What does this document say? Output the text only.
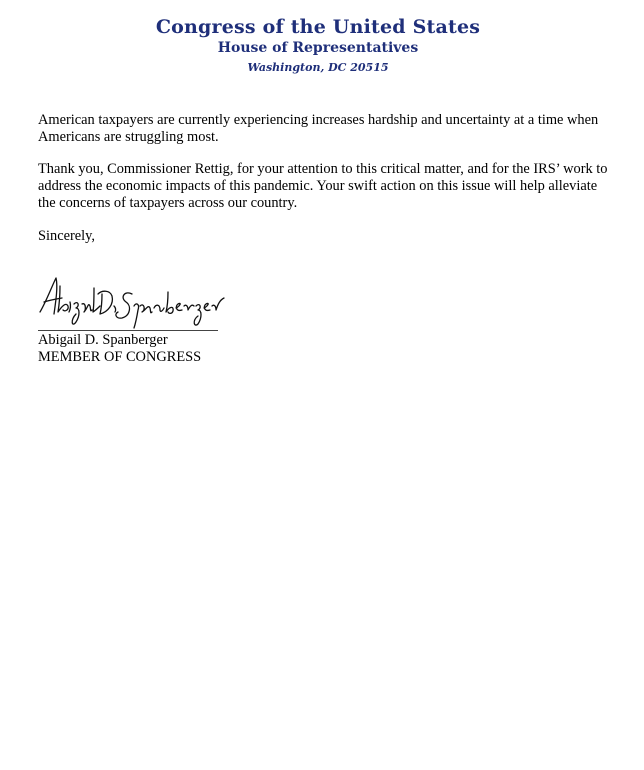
Congress of the United States
House of Representatives
Washington, DC 20515

American taxpayers are currently experiencing increases hardship and uncertainty at a time when Americans are struggling most.

Thank you, Commissioner Rettig, for your attention to this critical matter, and for the IRS’ work to address the economic impacts of this pandemic. Your swift action on this issue will help alleviate the concerns of taxpayers across our country.

Sincerely,

Abigail D. Spanberger
MEMBER OF CONGRESS
